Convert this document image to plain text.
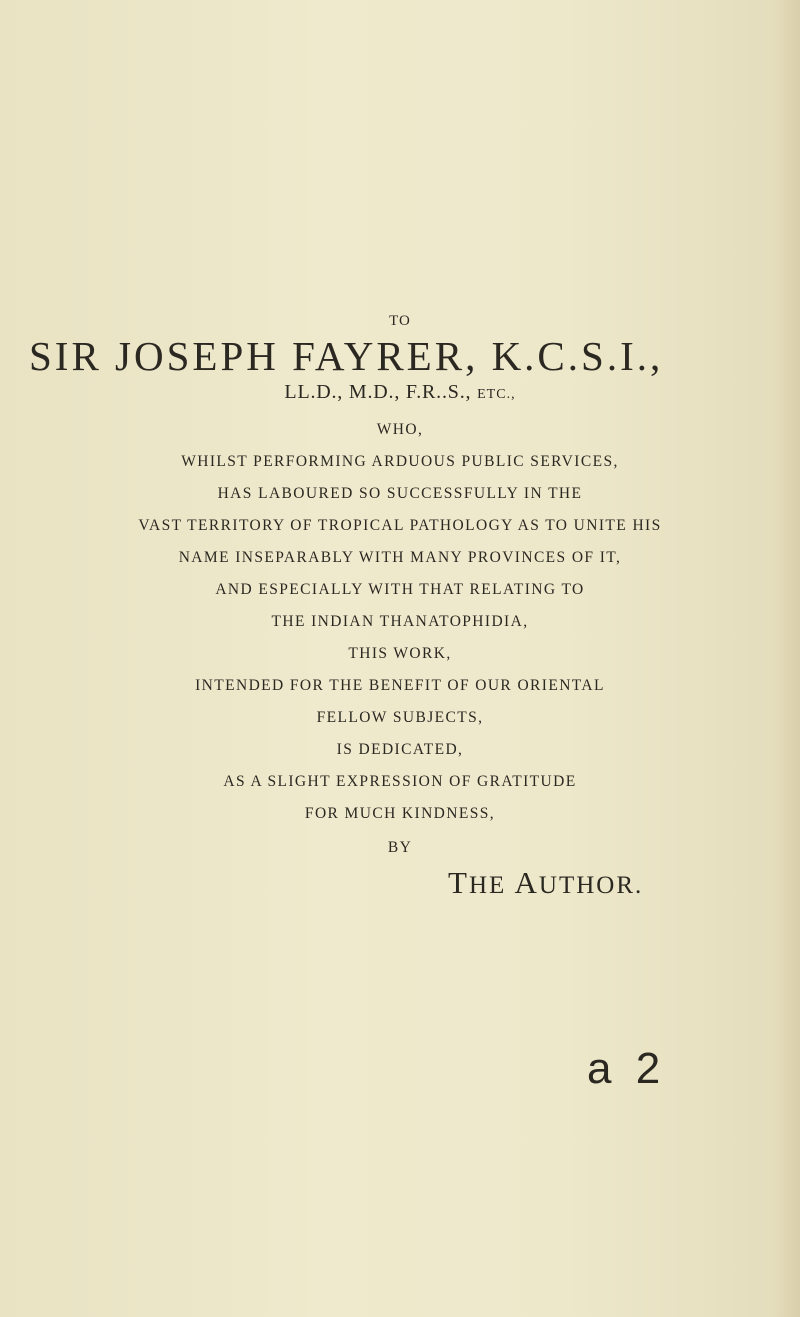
TO
SIR JOSEPH FAYRER, K.C.S.I.,
LL.D., M.D., F.R..S., ETC.,
WHO,
WHILST PERFORMING ARDUOUS PUBLIC SERVICES,
HAS LABOURED SO SUCCESSFULLY IN THE
VAST TERRITORY OF TROPICAL PATHOLOGY AS TO UNITE HIS
NAME INSEPARABLY WITH MANY PROVINCES OF IT,
AND ESPECIALLY WITH THAT RELATING TO
THE INDIAN THANATOPHIDIA,
THIS WORK,
INTENDED FOR THE BENEFIT OF OUR ORIENTAL
FELLOW SUBJECTS,
IS DEDICATED,
AS A SLIGHT EXPRESSION OF GRATITUDE
FOR MUCH KINDNESS,
BY
THE AUTHOR.
a 2
